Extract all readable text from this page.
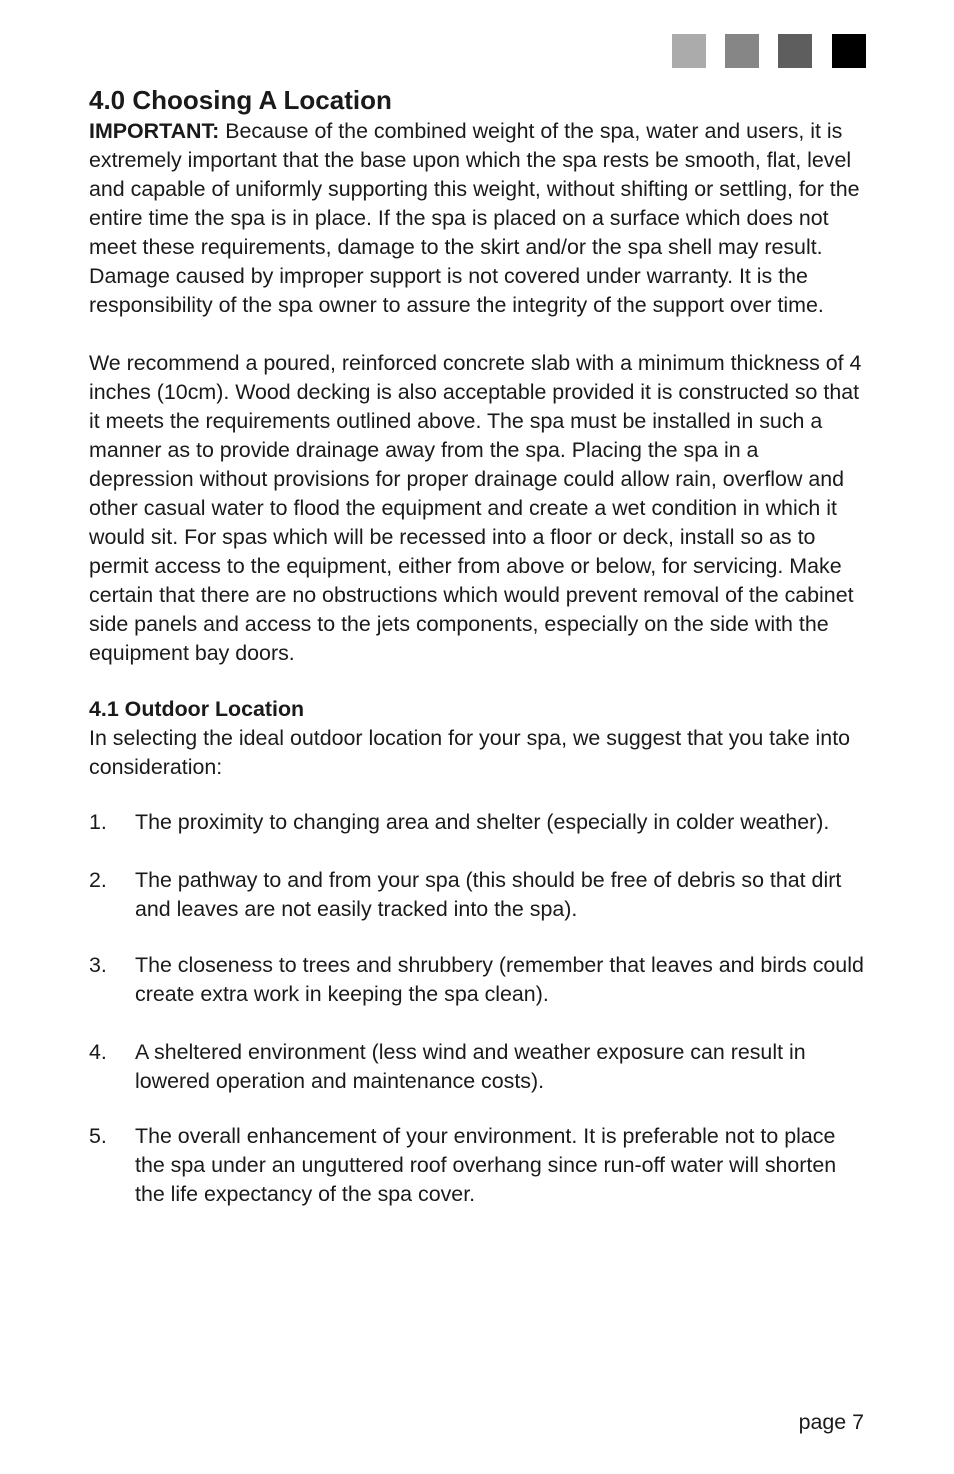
4.0 Choosing A Location

IMPORTANT: Because of the combined weight of the spa, water and users, it is extremely important that the base upon which the spa rests be smooth, flat, level and capable of uniformly supporting this weight, without shifting or settling, for the entire time the spa is in place. If the spa is placed on a surface which does not meet these requirements, damage to the skirt and/or the spa shell may result. Damage caused by improper support is not covered under warranty. It is the responsibility of the spa owner to assure the integrity of the support over time.

We recommend a poured, reinforced concrete slab with a minimum thickness of 4 inches (10cm). Wood decking is also acceptable provided it is constructed so that it meets the requirements outlined above. The spa must be installed in such a manner as to provide drainage away from the spa. Placing the spa in a depression without provisions for proper drainage could allow rain, overflow and other casual water to flood the equipment and create a wet condition in which it would sit. For spas which will be recessed into a floor or deck, install so as to permit access to the equipment, either from above or below, for servicing. Make certain that there are no obstructions which would prevent removal of the cabinet side panels and access to the jets components, especially on the side with the equipment bay doors.

4.1 Outdoor Location

In selecting the ideal outdoor location for your spa, we suggest that you take into consideration:

1. The proximity to changing area and shelter (especially in colder weather).
2. The pathway to and from your spa (this should be free of debris so that dirt and leaves are not easily tracked into the spa).
3. The closeness to trees and shrubbery (remember that leaves and birds could create extra work in keeping the spa clean).
4. A sheltered environment (less wind and weather exposure can result in lowered operation and maintenance costs).
5. The overall enhancement of your environment. It is preferable not to place the spa under an unguttered roof overhang since run-off water will shorten the life expectancy of the spa cover.
page 7
